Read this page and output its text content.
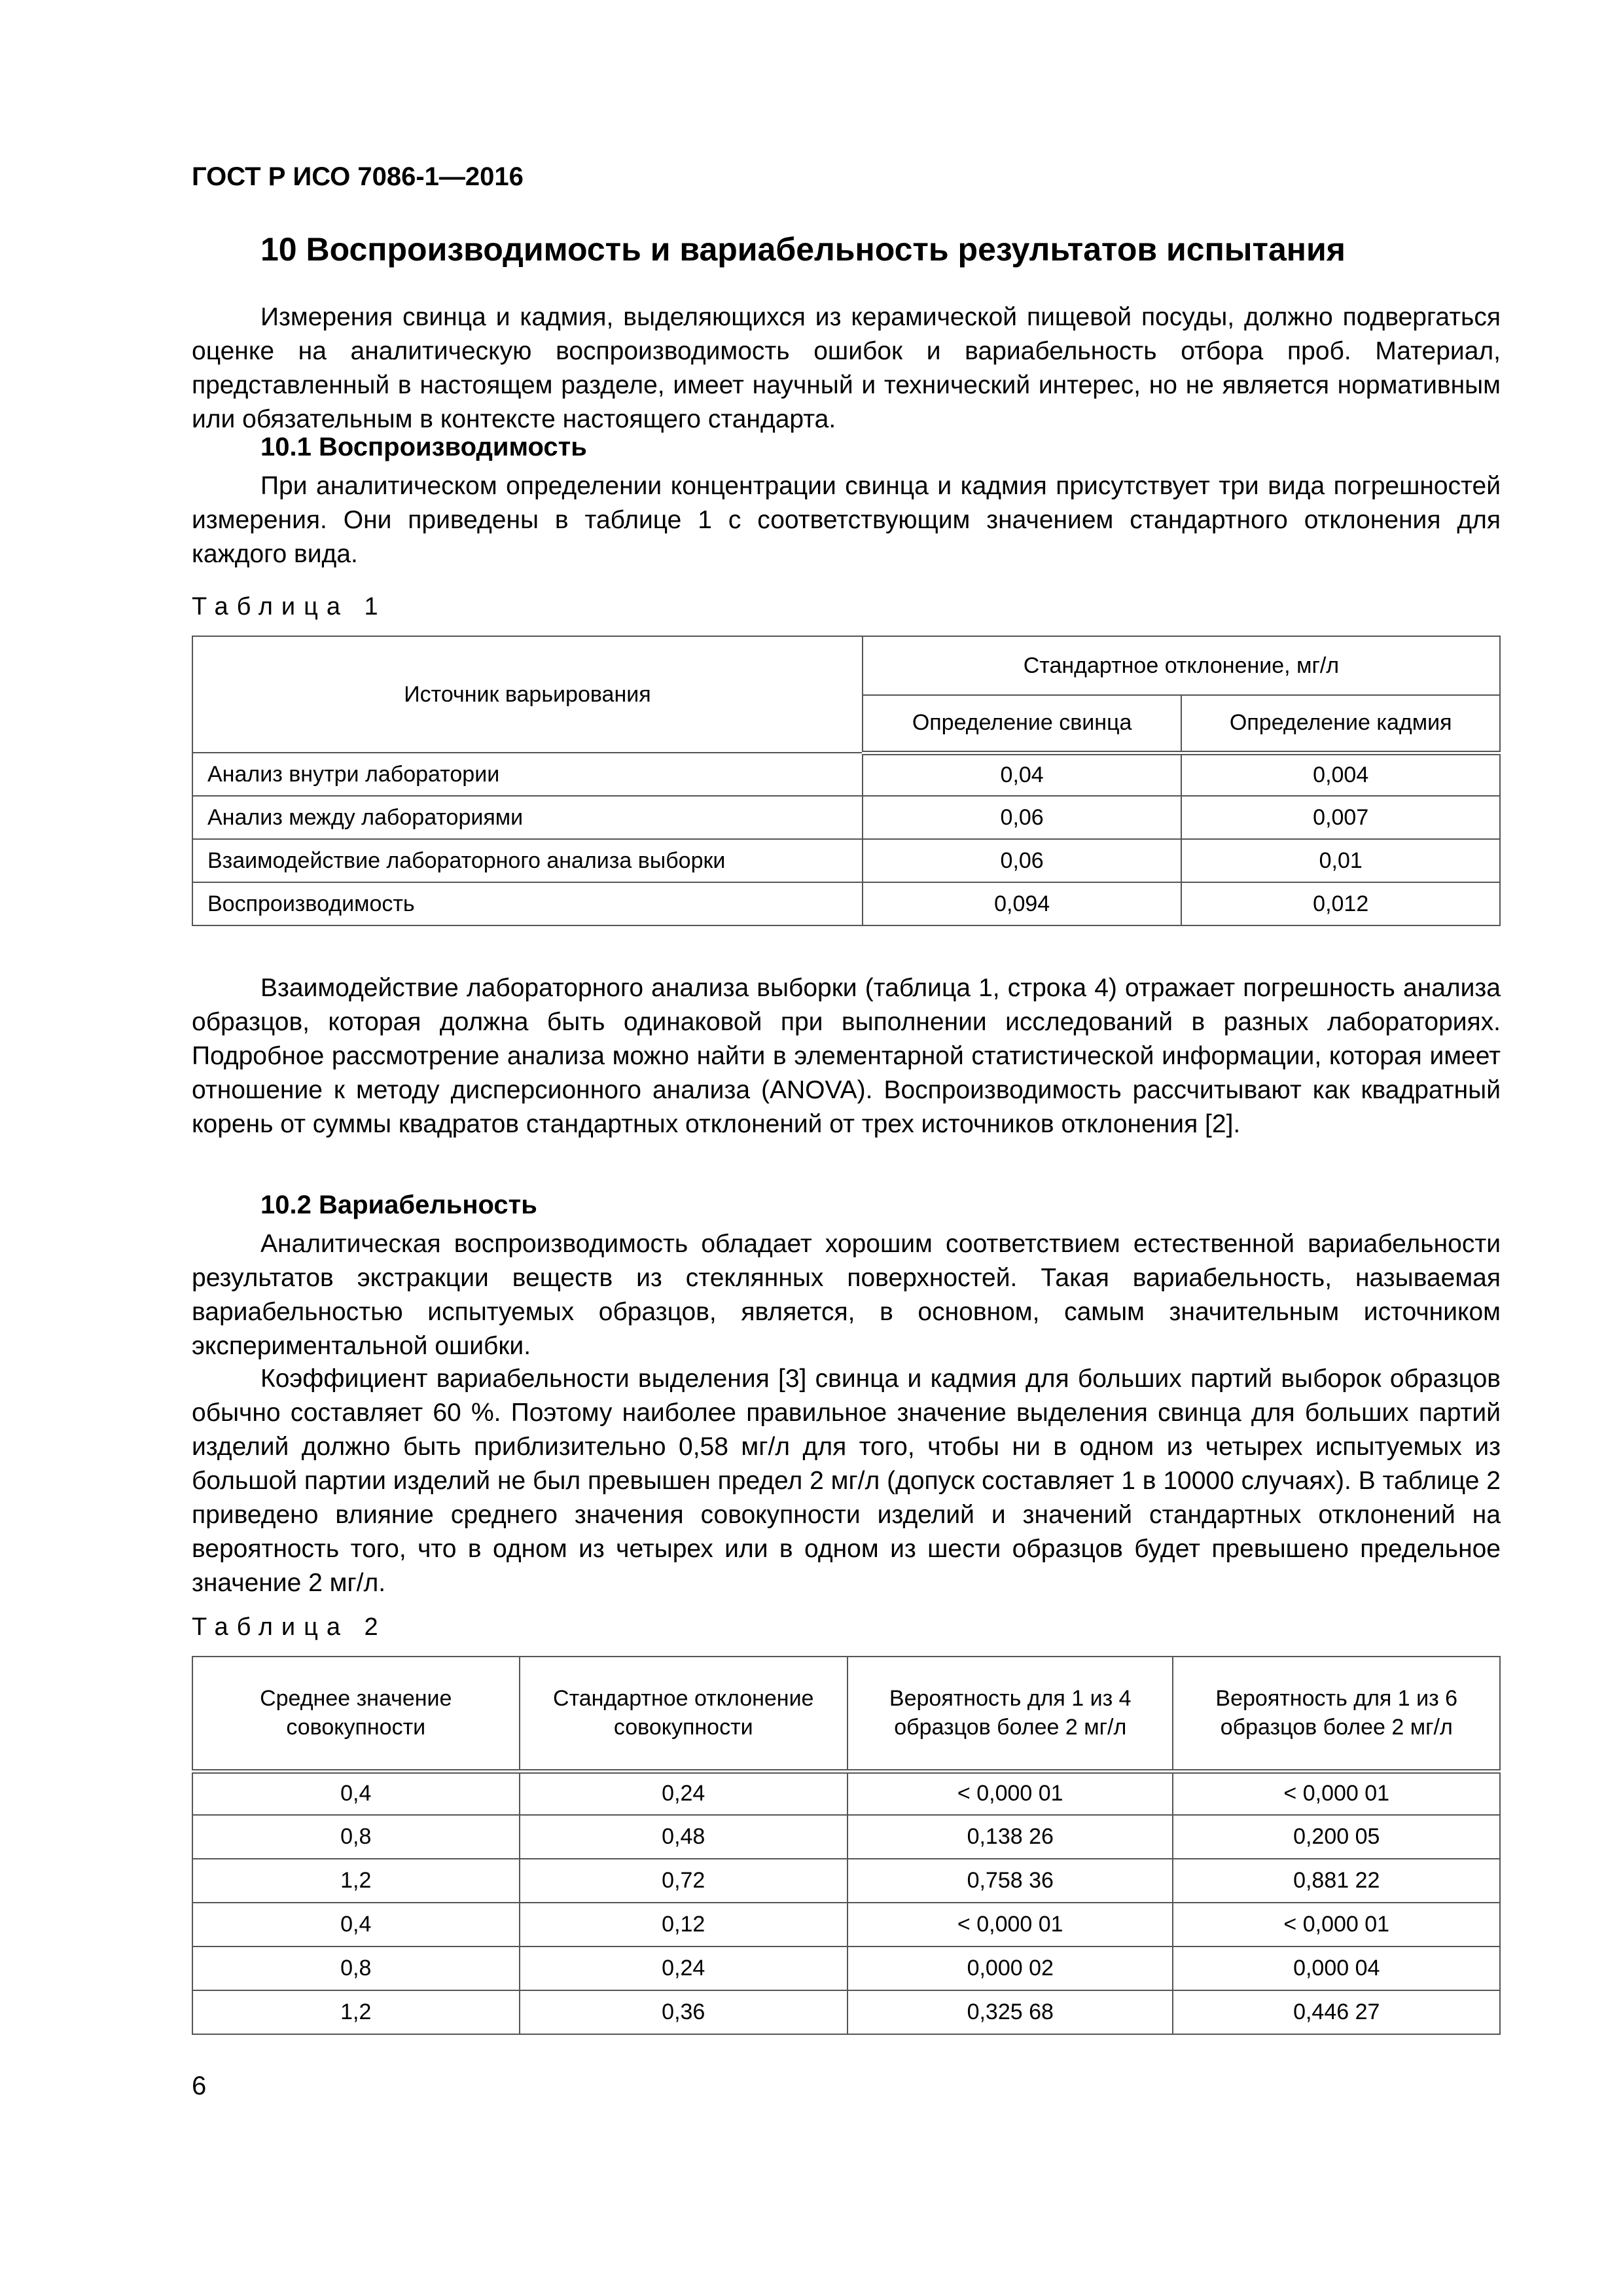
ГОСТ Р ИСО 7086-1—2016
10 Воспроизводимость и вариабельность результатов испытания

Измерения свинца и кадмия, выделяющихся из керамической пищевой посуды, должно подвергаться оценке на аналитическую воспроизводимость ошибок и вариабельность отбора проб. Материал, представленный в настоящем разделе, имеет научный и технический интерес, но не является нормативным или обязательным в контексте настоящего стандарта.

10.1 Воспроизводимость

При аналитическом определении концентрации свинца и кадмия присутствует три вида погрешностей измерения. Они приведены в таблице 1 с соответствующим значением стандартного отклонения для каждого вида.

Таблица 1
Источник варьирования	Стандартное отклонение, мг/л	
	Определение свинца	Определение кадмия
Анализ внутри лаборатории	0,04	0,004
Анализ между лабораториями	0,06	0,007
Взаимодействие лабораторного анализа выборки	0,06	0,01
Воспроизводимость	0,094	0,012

Взаимодействие лабораторного анализа выборки (таблица 1, строка 4) отражает погрешность анализа образцов, которая должна быть одинаковой при выполнении исследований в разных лабораториях. Подробное рассмотрение анализа можно найти в элементарной статистической информации, которая имеет отношение к методу дисперсионного анализа (ANOVA). Воспроизводимость рассчитывают как квадратный корень от суммы квадратов стандартных отклонений от трех источников отклонения [2].

10.2 Вариабельность

Аналитическая воспроизводимость обладает хорошим соответствием естественной вариабельности результатов экстракции веществ из стеклянных поверхностей. Такая вариабельность, называемая вариабельностью испытуемых образцов, является, в основном, самым значительным источником экспериментальной ошибки.

Коэффициент вариабельности выделения [3] свинца и кадмия для больших партий выборок образцов обычно составляет 60 %. Поэтому наиболее правильное значение выделения свинца для больших партий изделий должно быть приблизительно 0,58 мг/л для того, чтобы ни в одном из четырех испытуемых из большой партии изделий не был превышен предел 2 мг/л (допуск составляет 1 в 10000 случаях). В таблице 2 приведено влияние среднего значения совокупности изделий и значений стандартных отклонений на вероятность того, что в одном из четырех или в одном из шести образцов будет превышено предельное значение 2 мг/л.

Таблица 2
Среднее значение совокупности	Стандартное отклонение совокупности	Вероятность для 1 из 4 образцов более 2 мг/л	Вероятность для 1 из 6 образцов более 2 мг/л
0,4	0,24	< 0,000 01	< 0,000 01
0,8	0,48	0,138 26	0,200 05
1,2	0,72	0,758 36	0,881 22
0,4	0,12	< 0,000 01	< 0,000 01
0,8	0,24	0,000 02	0,000 04
1,2	0,36	0,325 68	0,446 27
6
